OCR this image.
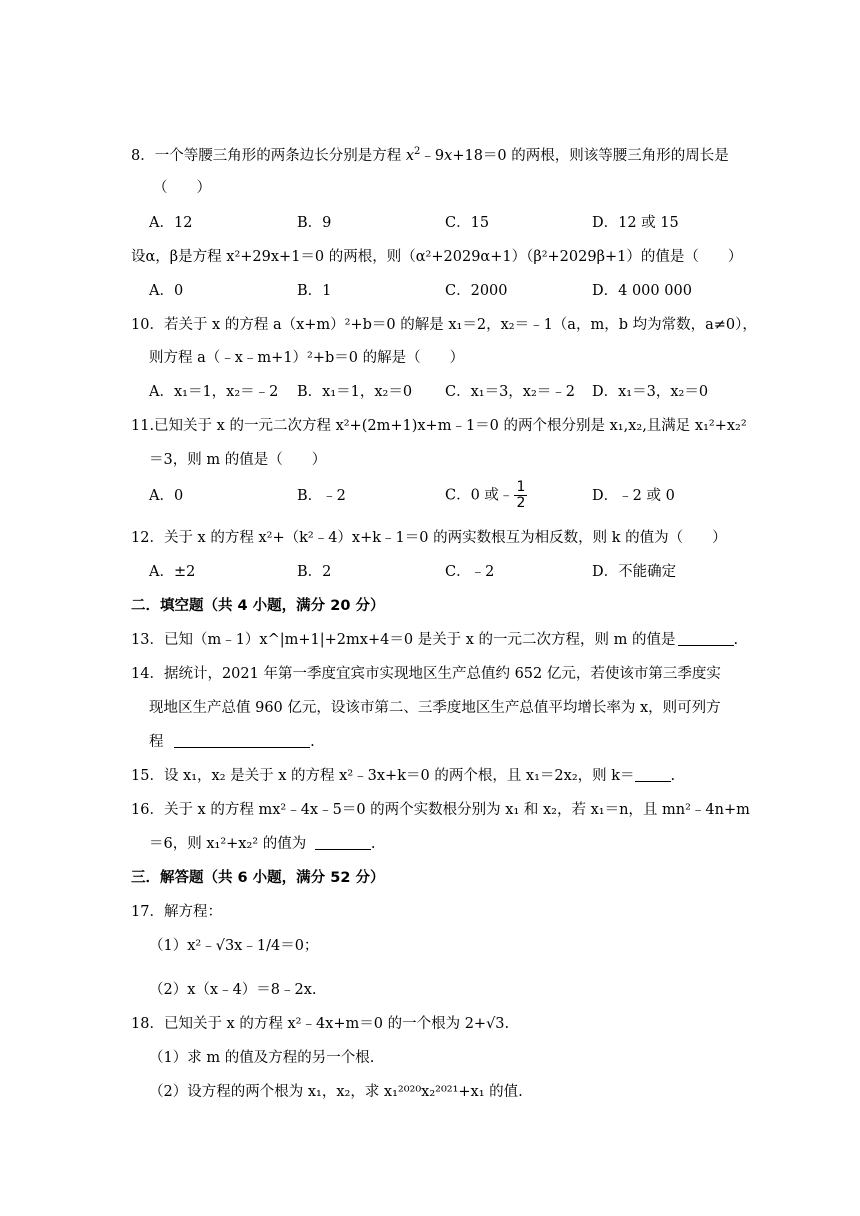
8．一个等腰三角形的两条边长分别是方程 $x^2﹣9x+18=0$ 的两根，则该等腰三角形的周长是
（　　）
A．12	B．9	C．15	D．12 或 15
设α，β是方程 x²+29x+1＝0 的两根，则（α²+2029α+1）（β²+2029β+1）的值是（　　）
A．0	B．1	C．2000	D．4 000 000
10．若关于 x 的方程 a（x+m）²+b＝0 的解是 x₁＝2，x₂＝﹣1（a，m，b 均为常数，a≠0），
则方程 a（﹣x﹣m+1）²+b＝0 的解是（　　）
A．x₁＝1，x₂＝﹣2 B．x₁＝1，x₂＝0 C．x₁＝3，x₂＝﹣2 D．x₁＝3，x₂＝0
11.已知关于 x 的一元二次方程 x²+(2m+1)x+m﹣1＝0 的两个根分别是 x₁,x₂,且满足 x₁²+x₂²
＝3，则 m 的值是（　　）
A．0	B．﹣2	C．0 或﹣ $\frac{1}{2}$	D．﹣2 或 0
12．关于 x 的方程 x²+（k²﹣4）x+k﹣1＝0 的两实数根互为相反数，则 k 的值为（　　）
A．±2	B．2	C．﹣2	D．不能确定
二．填空题（共 4 小题，满分 20 分）
13．已知（m﹣1）x^|m+1|+2mx+4＝0 是关于 x 的一元二次方程，则 m 的值是	.
14．据统计，2021 年第一季度宜宾市实现地区生产总值约 652 亿元，若使该市第三季度实
现地区生产总值 960 亿元，设该市第二、三季度地区生产总值平均增长率为 x，则可列方
程	.
15．设 x₁，x₂ 是关于 x 的方程 x²﹣3x+k＝0 的两个根，且 x₁＝2x₂，则 k＝ .
16．关于 x 的方程 mx²﹣4x﹣5＝0 的两个实数根分别为 x₁ 和 x₂，若 x₁＝n，且 mn²﹣4n+m
＝6，则 x₁²+x₂² 的值为	.
三．解答题（共 6 小题，满分 52 分）
17．解方程：
（1）x²﹣√3x﹣1/4＝0；
（2）x（x﹣4）＝8﹣2x.
18．已知关于 x 的方程 x²﹣4x+m＝0 的一个根为 2+√3.
（1）求 m 的值及方程的另一个根.
（2）设方程的两个根为 x₁，x₂，求 x₁²⁰²⁰x₂²⁰²¹+x₁ 的值.
